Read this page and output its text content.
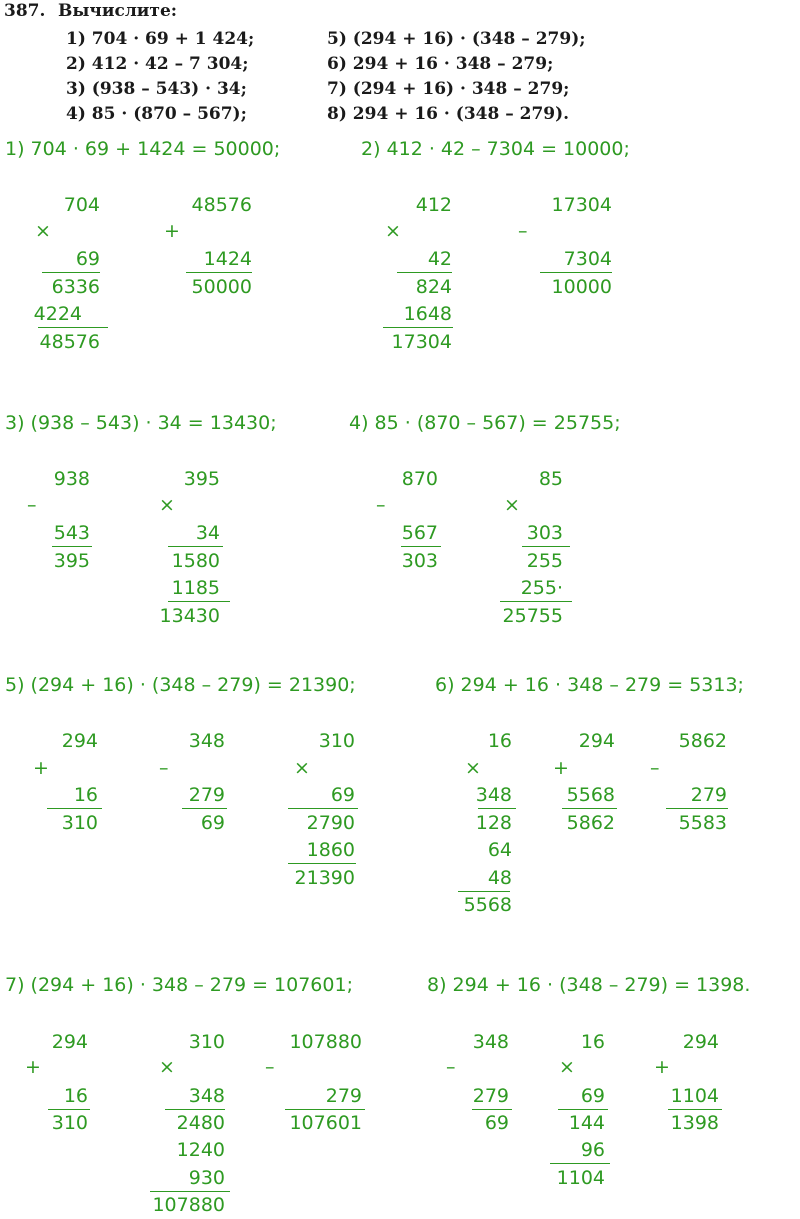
387. Вычислите:
1) 704 · 69 + 1 424;
2) 412 · 42 – 7 304;
3) (938 – 543) · 34;
4) 85 · (870 – 567);
5) (294 + 16) · (348 – 279);
6) 294 + 16 · 348 – 279;
7) (294 + 16) · 348 – 279;
8) 294 + 16 · (348 – 279).
1) 704 · 69 + 1424 = 50000;	2) 412 · 42 – 7304 = 10000;
3) (938 – 543) · 34 = 13430;	4) 85 · (870 – 567) = 25755;
5) (294 + 16) · (348 – 279) = 21390;	6) 294 + 16 · 348 – 279 = 5313;
7) (294 + 16) · 348 – 279 = 107601;	8) 294 + 16 · (348 – 279) = 1398.
×
704
69
6336
4224
48576
+
48576
1424
50000
×
412
42
824
1648
17304
–
17304
7304
10000
–
938
543
395
×
395
34
1580
1185
13430
–
870
567
303
×
85
303
255
255·
25755
+
294
16
310
–
348
279
69
×
310
69
2790
1860
21390
×
16
348
128
64
48
5568
+
294
5568
5862
–
5862
279
5583
+
294
16
310
×
310
348
2480
1240
930
107880
–
107880
279
107601
–
348
279
69
×
16
69
144
96
1104
+
294
1104
1398
